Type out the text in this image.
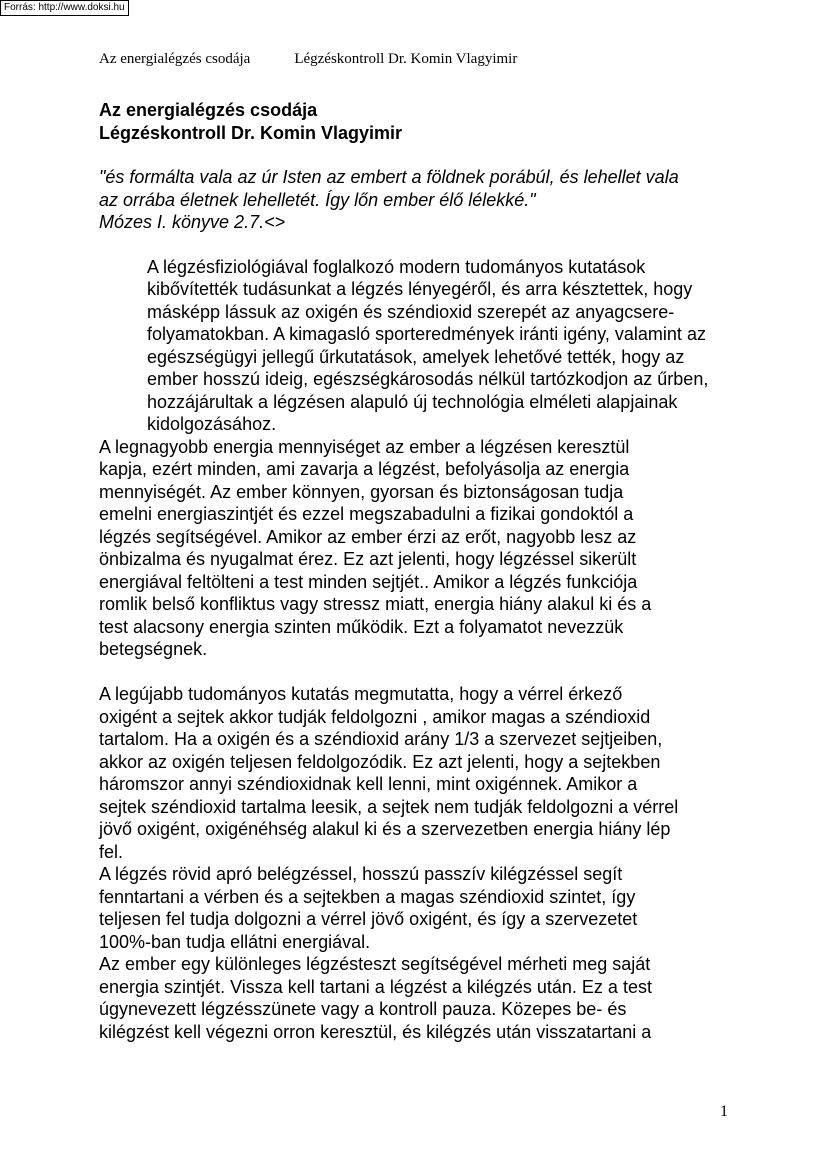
Forrás: http://www.doksi.hu
Az energialégzés csodája	Légzéskontroll Dr. Komin Vlagyimir
Az energialégzés csodája
Légzéskontroll Dr. Komin Vlagyimir
"és formálta vala az úr Isten az embert a földnek porábúl, és lehellet vala
az orrába életnek lehelletét. Így lőn ember élő lélekké."
Mózes I. könyve 2.7.<>
A légzésfiziológiával foglalkozó modern tudományos kutatások
kibővítették tudásunkat a légzés lényegéről, és arra késztettek, hogy
másképp lássuk az oxigén és széndioxid szerepét az anyagcsere-
folyamatokban. A kimagasló sporteredmények iránti igény, valamint az
egészségügyi jellegű űrkutatások, amelyek lehetővé tették, hogy az
ember hosszú ideig, egészségkárosodás nélkül tartózkodjon az űrben,
hozzájárultak a légzésen alapuló új technológia elméleti alapjainak
kidolgozásához.
A legnagyobb energia mennyiséget az ember a légzésen keresztül
kapja, ezért minden, ami zavarja a légzést, befolyásolja az energia
mennyiségét. Az ember könnyen, gyorsan és biztonságosan tudja
emelni energiaszintjét és ezzel megszabadulni a fizikai gondoktól a
légzés segítségével. Amikor az ember érzi az erőt, nagyobb lesz az
önbizalma és nyugalmat érez. Ez azt jelenti, hogy légzéssel sikerült
energiával feltölteni a test minden sejtjét.. Amikor a légzés funkciója
romlik belső konfliktus vagy stressz miatt, energia hiány alakul ki és a
test alacsony energia szinten működik. Ezt a folyamatot nevezzük
betegségnek.
A legújabb tudományos kutatás megmutatta, hogy a vérrel érkező
oxigént a sejtek akkor tudják feldolgozni , amikor magas a széndioxid
tartalom. Ha a oxigén és a széndioxid arány 1/3 a szervezet sejtjeiben,
akkor az oxigén teljesen feldolgozódik. Ez azt jelenti, hogy a sejtekben
háromszor annyi széndioxidnak kell lenni, mint oxigénnek. Amikor a
sejtek széndioxid tartalma leesik, a sejtek nem tudják feldolgozni a vérrel
jövő oxigént, oxigénéhség alakul ki és a szervezetben energia hiány lép
fel.
A légzés rövid apró belégzéssel, hosszú passzív kilégzéssel segít
fenntartani a vérben és a sejtekben a magas széndioxid szintet, így
teljesen fel tudja dolgozni a vérrel jövő oxigént, és így a szervezetet
100%-ban tudja ellátni energiával.
Az ember egy különleges légzésteszt segítségével mérheti meg saját
energia szintjét. Vissza kell tartani a légzést a kilégzés után. Ez a test
úgynevezett légzésszünete vagy a kontroll pauza. Közepes be- és
kilégzést kell végezni orron keresztül, és kilégzés után visszatartani a
1
